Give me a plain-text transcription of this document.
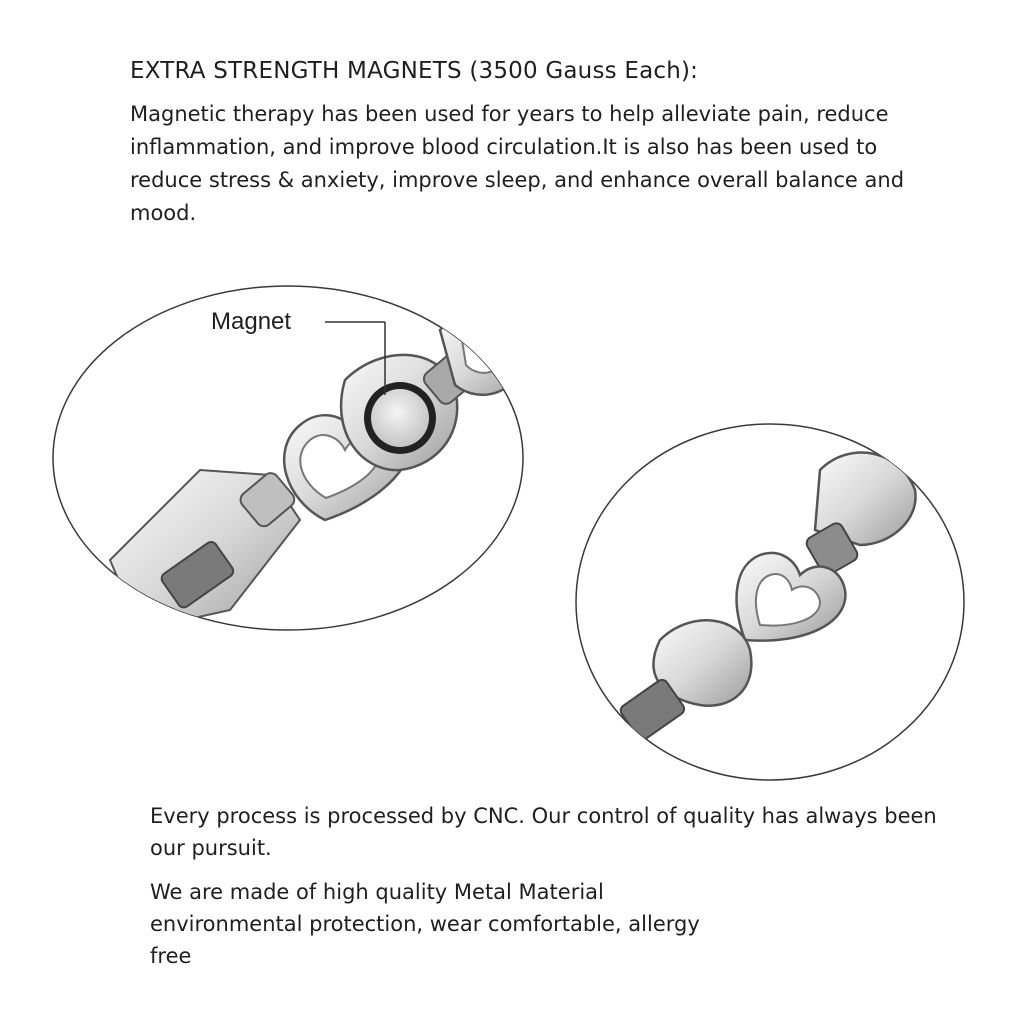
EXTRA STRENGTH MAGNETS (3500 Gauss Each):

Magnetic therapy has been used for years to help alleviate pain, reduce inflammation, and improve blood circulation.It is also has been used to reduce stress & anxiety, improve sleep, and enhance overall balance and mood.

Magnet

Every process is processed by CNC. Our control of quality has always been our pursuit.

We are made of high quality Metal Material environmental protection, wear comfortable, allergy free
